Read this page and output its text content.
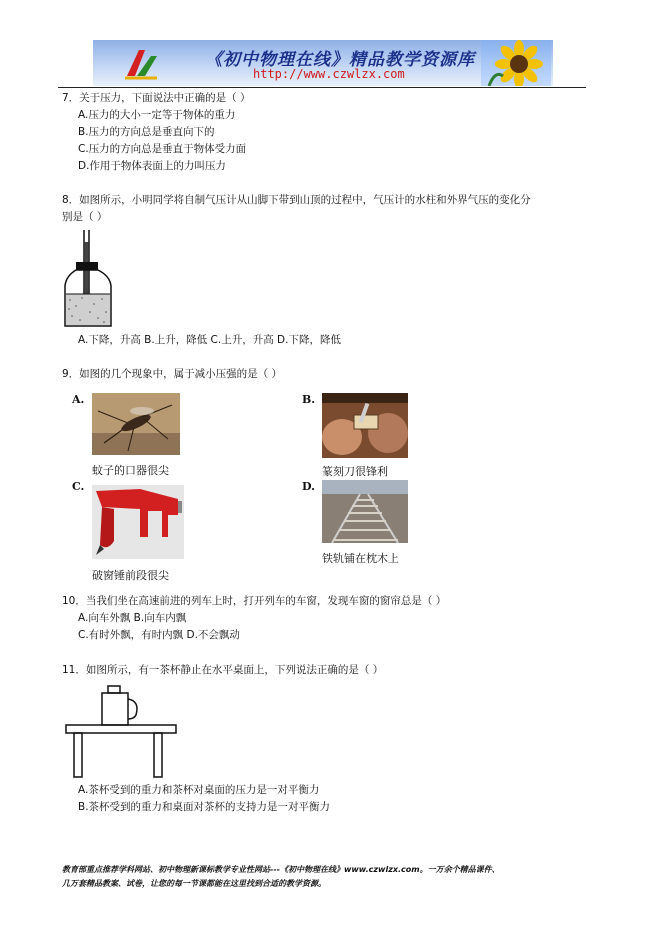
《初中物理在线》精品教学资源库
http://www.czwlzx.com
7．关于压力，下面说法中正确的是（ ）
A.压力的大小一定等于物体的重力
B.压力的方向总是垂直向下的
C.压力的方向总是垂直于物体受力面
D.作用于物体表面上的力叫压力
8．如图所示，小明同学将自制气压计从山脚下带到山顶的过程中，气压计的水柱和外界气压的变化分
别是（ ）
A.下降，升高 B.上升，降低 C.上升，升高 D.下降，降低
9．如图的几个现象中，属于减小压强的是（ ）
A.
蚊子的口器很尖
B.
篆刻刀很锋利
C.
破窗锤前段很尖
D.
铁轨铺在枕木上
10．当我们坐在高速前进的列车上时，打开列车的车窗，发现车窗的窗帘总是（ ）
A.向车外飘 B.向车内飘
C.有时外飘，有时内飘 D.不会飘动
11．如图所示，有一茶杯静止在水平桌面上，下列说法正确的是（ ）
A.茶杯受到的重力和茶杯对桌面的压力是一对平衡力
B.茶杯受到的重力和桌面对茶杯的支持力是一对平衡力
教育部重点推荐学科网站、初中物理新课标教学专业性网站---《初中物理在线》www.czwlzx.com。一万余个精品课件、
几万套精品教案、试卷，让您的每一节课都能在这里找到合适的教学资源。
